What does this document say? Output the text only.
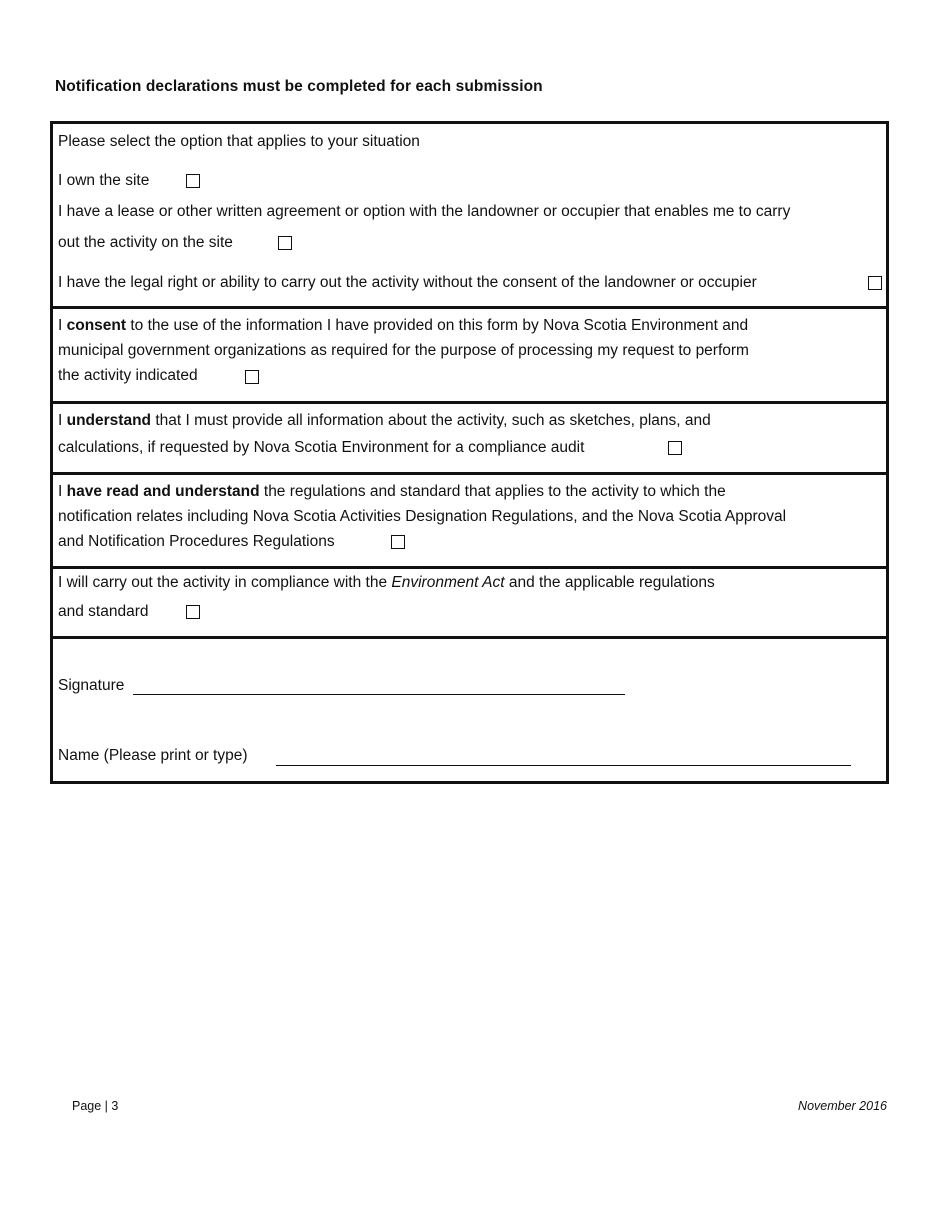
Notification declarations must be completed for each submission
Please select the option that applies to your situation
I own the site
I have a lease or other written agreement or option with the landowner or occupier that enables me to carry
out the activity on the site
I have the legal right or ability to carry out the activity without the consent of the landowner or occupier
I consent to the use of the information I have provided on this form by Nova Scotia Environment and
municipal government organizations as required for the purpose of processing my request to perform
the activity indicated
I understand that I must provide all information about the activity, such as sketches, plans, and
calculations, if requested by Nova Scotia Environment for a compliance audit
I have read and understand the regulations and standard that applies to the activity to which the
notification relates including Nova Scotia Activities Designation Regulations, and the Nova Scotia Approval
and Notification Procedures Regulations
I will carry out the activity in compliance with the Environment Act and the applicable regulations
and standard
Signature
Name (Please print or type)
Page | 3	November 2016
